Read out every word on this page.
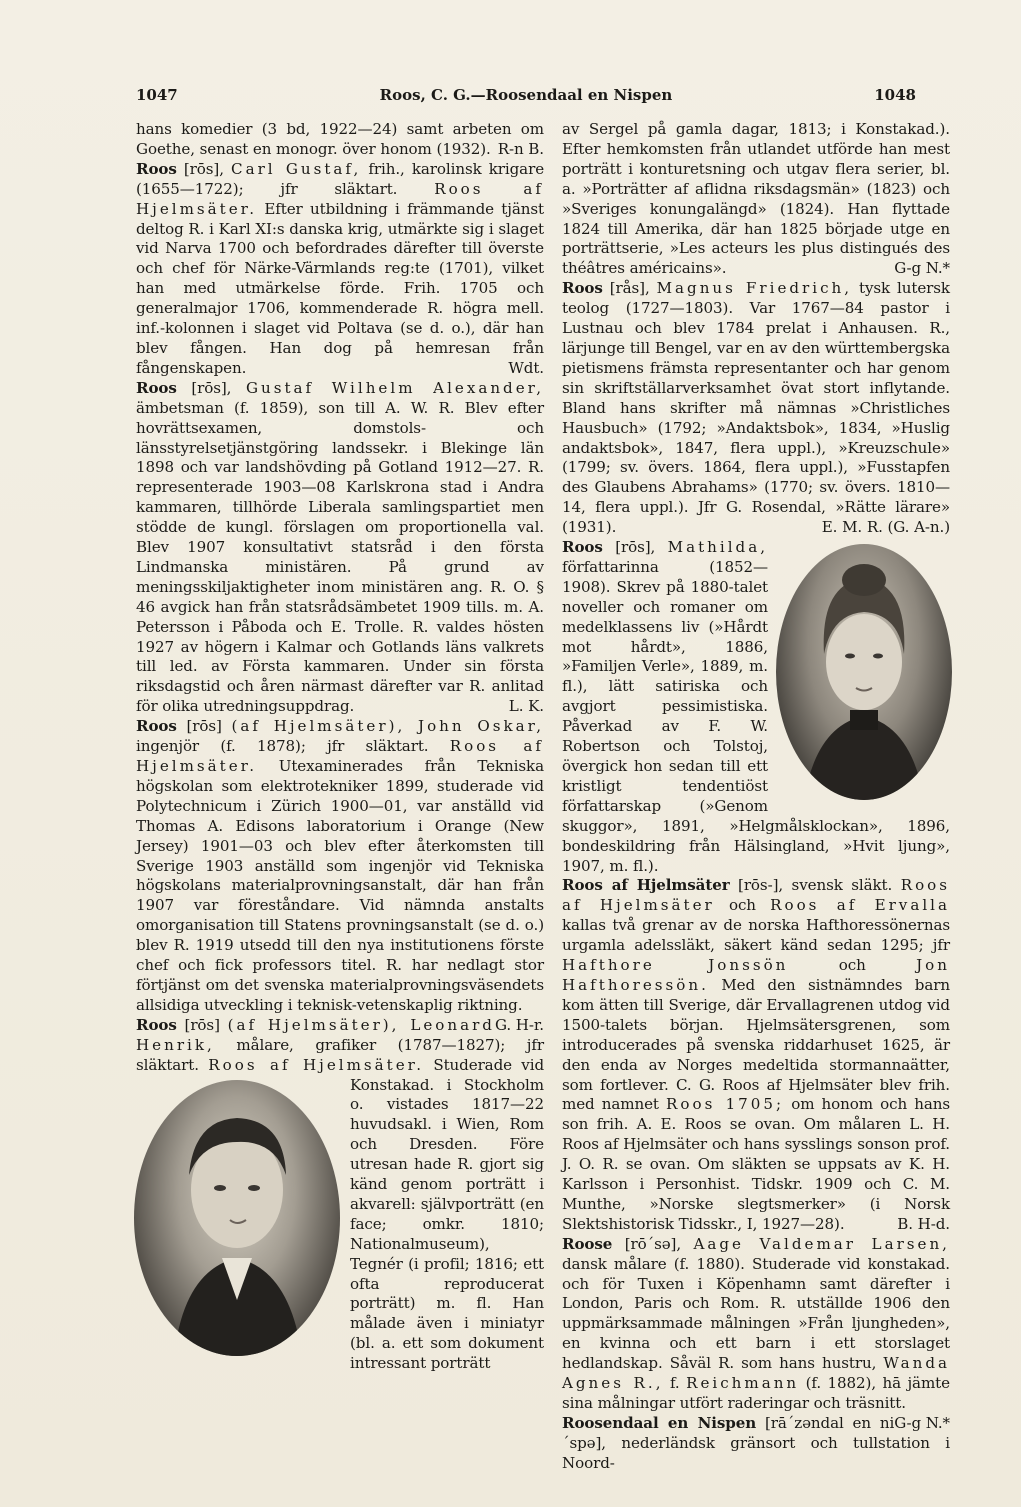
1047	Roos, C. G.—Roosendaal en Nispen	1048

hans komedier (3 bd, 1922—24) samt arbeten om Goethe, senast en monogr. över honom (1932). R-n B.

Roos [rōs], Carl Gustaf, frih., karolinsk krigare (1655—1722); jfr släktart. Roos af Hjelmsäter. Efter utbildning i främmande tjänst deltog R. i Karl XI:s danska krig, utmärkte sig i slaget vid Narva 1700 och befordrades därefter till överste och chef för Närke-Värmlands reg:te (1701), vilket han med utmärkelse förde. Frih. 1705 och generalmajor 1706, kommenderade R. högra mell. inf.-kolonnen i slaget vid Poltava (se d. o.), där han blev fången. Han dog på hemresan från fångenskapen.	Wdt.

Roos [rōs], Gustaf Wilhelm Alexander, ämbetsman (f. 1859), son till A. W. R. Blev efter hovrättsexamen, domstols- och länsstyrelsetjänstgöring landssekr. i Blekinge län 1898 och var landshövding på Gotland 1912—27. R. representerade 1903—08 Karlskrona stad i Andra kammaren, tillhörde Liberala samlingspartiet men stödde de kungl. förslagen om proportionella val. Blev 1907 konsultativt statsråd i den första Lindmanska ministären. På grund av meningsskiljaktigheter inom ministären ang. R. O. § 46 avgick han från statsrådsämbetet 1909 tills. m. A. Petersson i Påboda och E. Trolle. R. valdes hösten 1927 av högern i Kalmar och Gotlands läns valkrets till led. av Första kammaren. Under sin första riksdagstid och åren närmast därefter var R. anlitad för olika utredningsuppdrag.	L. K.

Roos [rōs] (af Hjelmsäter), John Oskar, ingenjör (f. 1878); jfr släktart. Roos af Hjelmsäter. Utexaminerades från Tekniska högskolan som elektrotekniker 1899, studerade vid Polytechnicum i Zürich 1900—01, var anställd vid Thomas A. Edisons laboratorium i Orange (New Jersey) 1901—03 och blev efter återkomsten till Sverige 1903 anställd som ingenjör vid Tekniska högskolans materialprovningsanstalt, där han från 1907 var föreståndare. Vid nämnda anstalts omorganisation till Statens provningsanstalt (se d. o.) blev R. 1919 utsedd till den nya institutionens förste chef och fick professors titel. R. har nedlagt stor förtjänst om det svenska materialprovningsväsendets allsidiga utveckling i teknisk-vetenskaplig riktning.
G. H-r.

Roos [rōs] (af Hjelmsäter), Leonard Henrik, målare, grafiker (1787—1827); jfr släktart. Roos af Hjelmsäter. Studerade vid Konstakad. i Stockholm o. vistades 1817—22 huvudsakl. i Wien, Rom och Dresden. Före utresan hade R. gjort sig känd genom porträtt i akvarell: självporträtt (en face; omkr. 1810; Nationalmuseum), Tegnér (i profil; 1816; ett ofta reproducerat porträtt) m. fl. Han målade även i miniatyr (bl. a. ett som dokument intressant porträtt

av Sergel på gamla dagar, 1813; i Konstakad.). Efter hemkomsten från utlandet utförde han mest porträtt i konturetsning och utgav flera serier, bl. a. »Porträtter af aflidna riksdagsmän» (1823) och »Sveriges konungalängd» (1824). Han flyttade 1824 till Amerika, där han 1825 började utge en porträttserie, »Les acteurs les plus distingués des théâtres américains».	G-g N.*

Roos [rås], Magnus Friedrich, tysk lutersk teolog (1727—1803). Var 1767—84 pastor i Lustnau och blev 1784 prelat i Anhausen. R., lärjunge till Bengel, var en av den württembergska pietismens främsta representanter och har genom sin skriftställarverksamhet övat stort inflytande. Bland hans skrifter må nämnas »Christliches Hausbuch» (1792; »Andaktsbok», 1834, »Huslig andaktsbok», 1847, flera uppl.), »Kreuzschule» (1799; sv. övers. 1864, flera uppl.), »Fusstapfen des Glaubens Abrahams» (1770; sv. övers. 1810—14, flera uppl.). Jfr G. Rosendal, »Rätte lärare» (1931).	E. M. R. (G. A-n.)

Roos [rōs], Mathilda,
författarinna (1852—1908). Skrev på 1880-talet noveller och romaner om medelklassens liv (»Hårdt mot hårdt», 1886, »Familjen Verle», 1889, m. fl.), lätt satiriska och avgjort pessimistiska. Påverkad av F. W. Robertson och Tolstoj, övergick hon sedan till ett kristligt tendentiöst författarskap (»Genom skuggor», 1891, »Helgmålsklockan», 1896, bondeskildring från Hälsingland, »Hvit ljung», 1907, m. fl.).

Roos af Hjelmsäter [rōs-], svensk släkt. Roos af Hjelmsäter och Roos af Ervalla kallas två grenar av de norska Hafthoressönernas urgamla adelssläkt, säkert känd sedan 1295; jfr Hafthore Jonssön	och	Jon Hafthoressön. Med den sistnämndes barn kom ätten till Sverige, där Ervallagrenen utdog vid 1500-talets början. Hjelmsätersgrenen, som introducerades på svenska riddarhuset 1625, är den enda av Norges medeltida stormannaätter, som fortlever. C. G. Roos af Hjelmsäter blev frih. med namnet Roos 1705; om honom och hans son frih. A. E. Roos se ovan. Om målaren L. H. Roos af Hjelmsäter och hans sysslings sonson prof. J. O. R. se ovan. Om släkten se uppsats av K. H. Karlsson i Personhist. Tidskr. 1909 och C. M. Munthe, »Norske slegtsmerker» (i Norsk Slektshistorisk Tidsskr., I, 1927—28).	B. H-d.

Roose [rō´sə], Aage Valdemar Larsen, dansk målare (f. 1880). Studerade vid konstakad. och för Tuxen i Köpenhamn samt därefter i London, Paris och Rom. R. utställde 1906 den uppmärksammade målningen »Från ljungheden», en kvinna och ett barn i ett storslaget hedlandskap. Såväl R. som hans hustru, Wanda Agnes R., f. Reichmann (f. 1882), hā jämte sina målningar utfört raderingar och träsnitt.
G-g N.*

Roosendaal en Nispen [rā´zəndal en ni´spə], nederländsk gränsort och tullstation i Noord-
